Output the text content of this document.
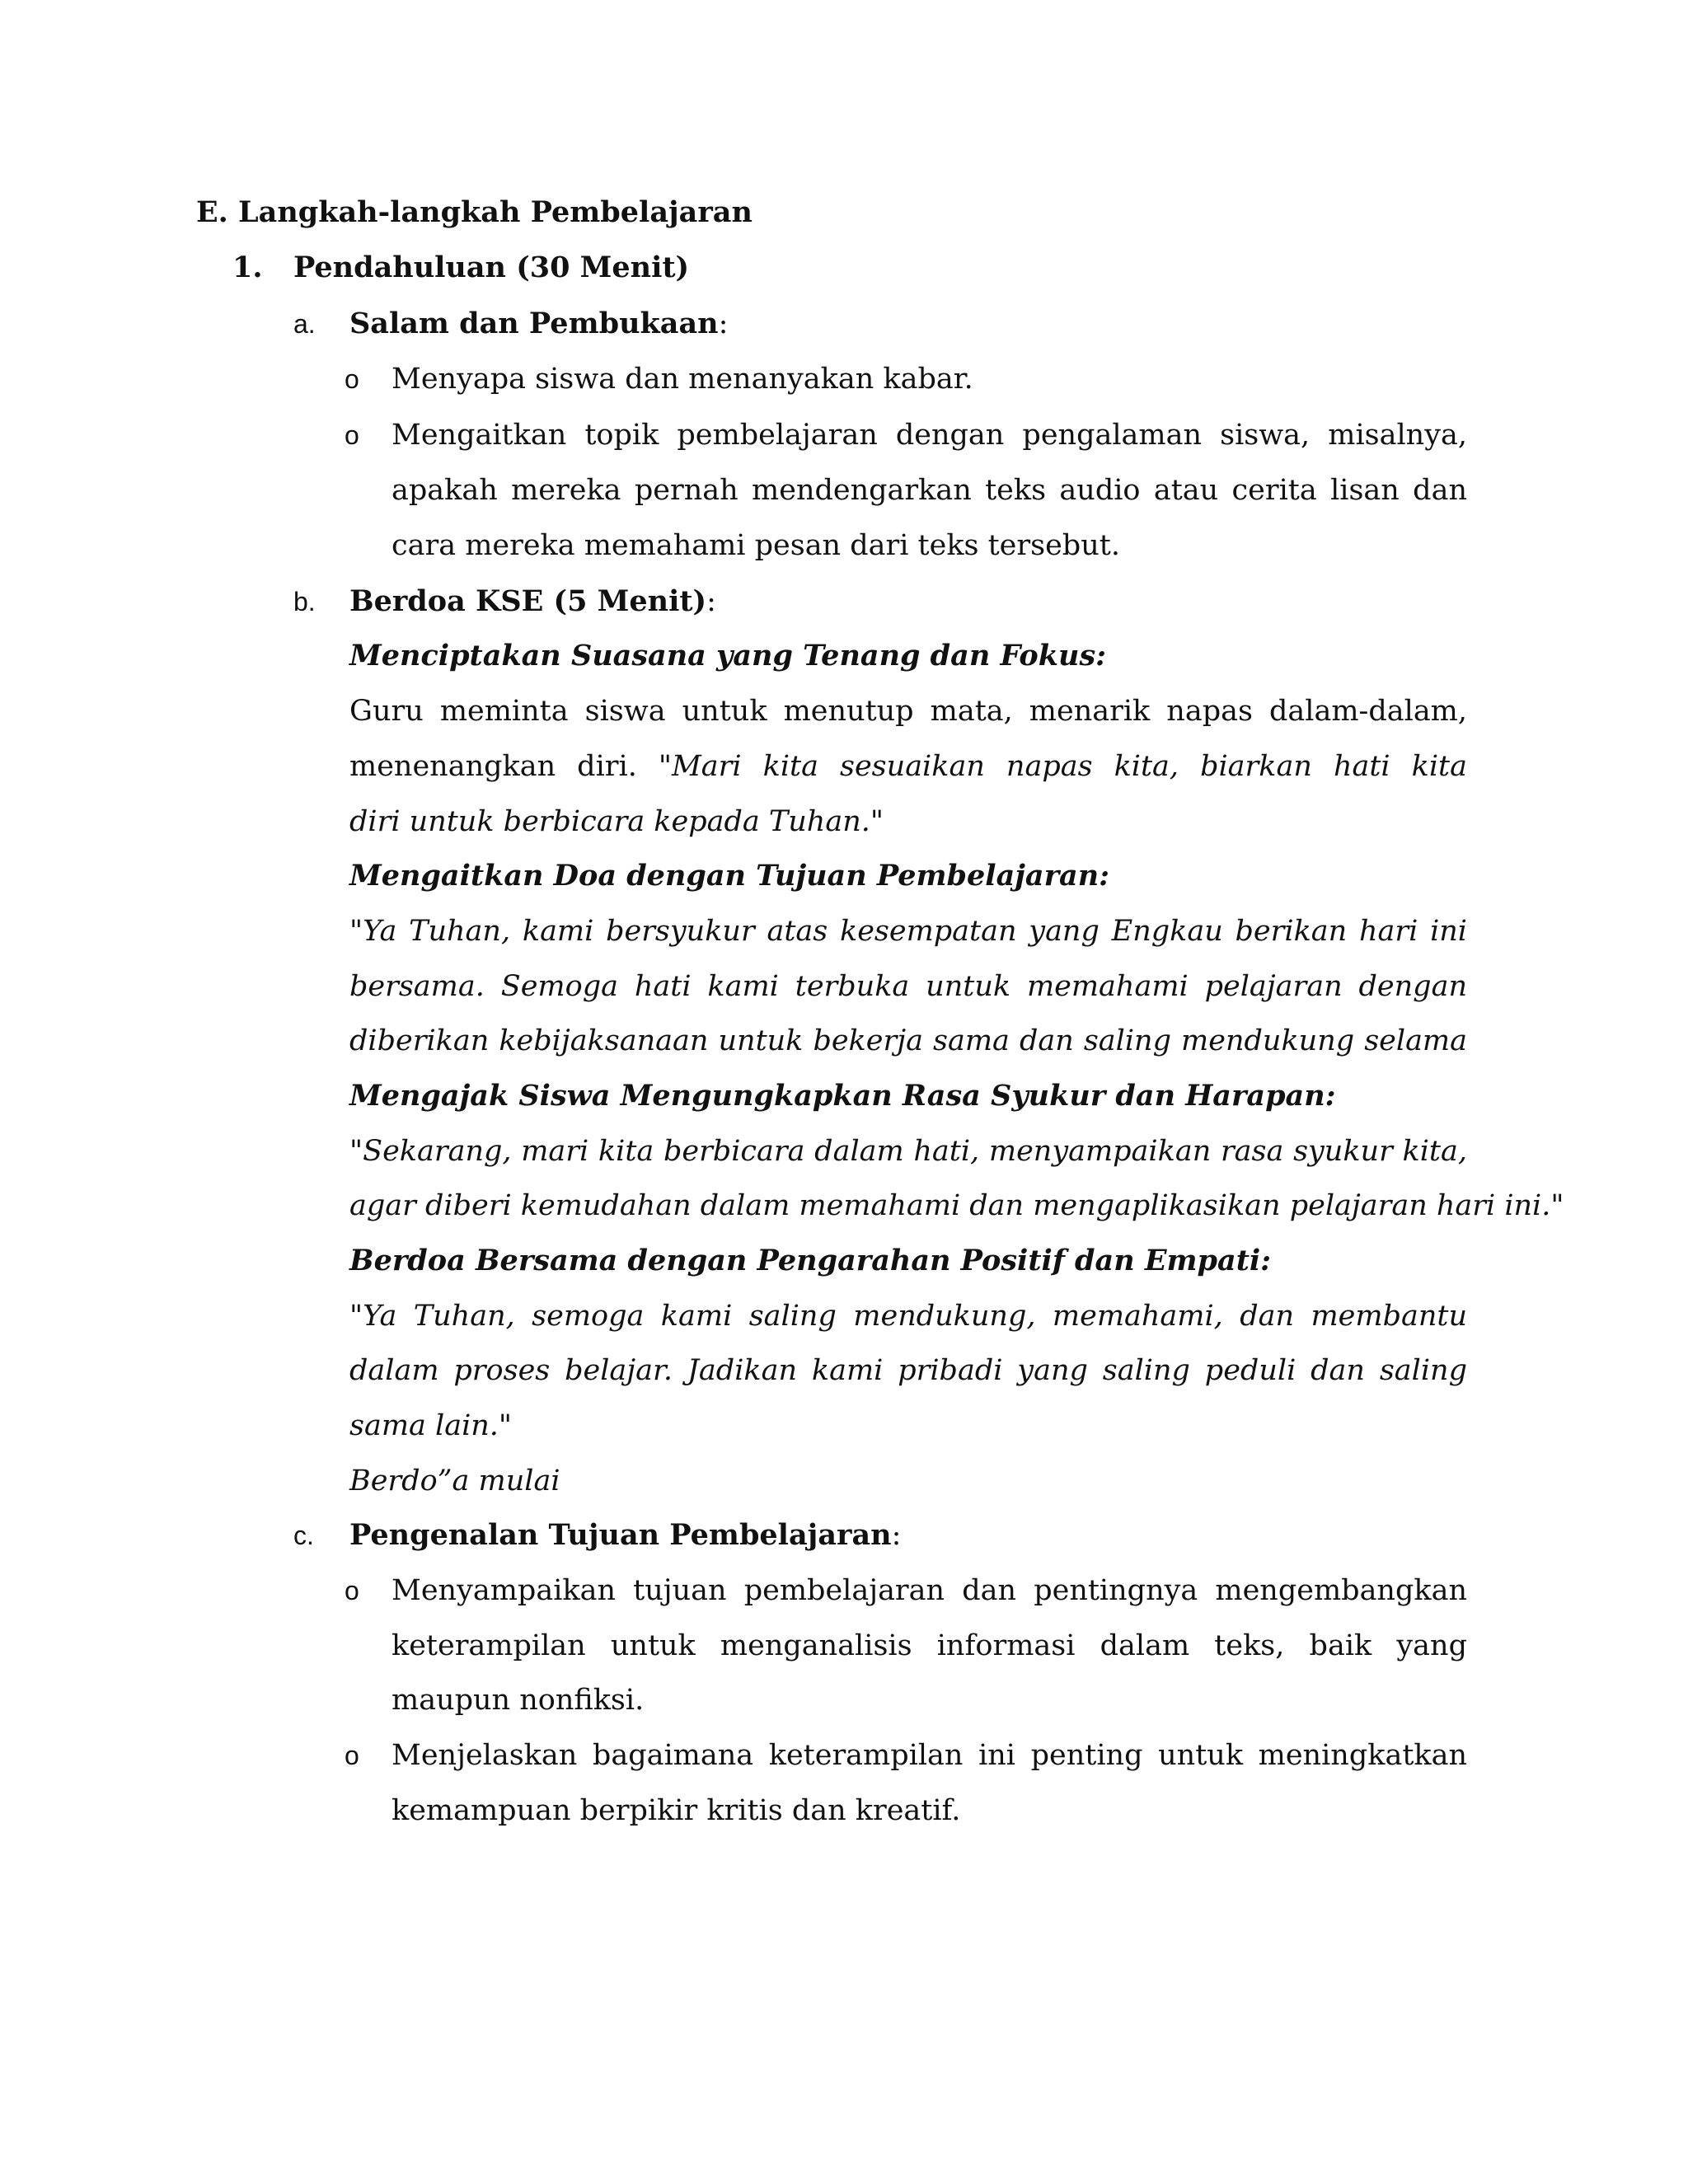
E. Langkah-langkah Pembelajaran
1. Pendahuluan (30 Menit)
a. Salam dan Pembukaan:
o Menyapa siswa dan menanyakan kabar.
o Mengaitkan topik pembelajaran dengan pengalaman siswa, misalnya,
apakah mereka pernah mendengarkan teks audio atau cerita lisan dan
cara mereka memahami pesan dari teks tersebut.
b. Berdoa KSE (5 Menit):
Menciptakan Suasana yang Tenang dan Fokus:
Guru meminta siswa untuk menutup mata, menarik napas dalam-dalam,
menenangkan diri. "Mari kita sesuaikan napas kita, biarkan hati kita
diri untuk berbicara kepada Tuhan."
Mengaitkan Doa dengan Tujuan Pembelajaran:
"Ya Tuhan, kami bersyukur atas kesempatan yang Engkau berikan hari ini
bersama. Semoga hati kami terbuka untuk memahami pelajaran dengan
diberikan kebijaksanaan untuk bekerja sama dan saling mendukung selama
Mengajak Siswa Mengungkapkan Rasa Syukur dan Harapan:
"Sekarang, mari kita berbicara dalam hati, menyampaikan rasa syukur kita,
agar diberi kemudahan dalam memahami dan mengaplikasikan pelajaran hari ini."
Berdoa Bersama dengan Pengarahan Positif dan Empati:
"Ya Tuhan, semoga kami saling mendukung, memahami, dan membantu
dalam proses belajar. Jadikan kami pribadi yang saling peduli dan saling
sama lain."
Berdo”a mulai
c. Pengenalan Tujuan Pembelajaran:
o Menyampaikan tujuan pembelajaran dan pentingnya mengembangkan
keterampilan untuk menganalisis informasi dalam teks, baik yang
maupun nonfiksi.
o Menjelaskan bagaimana keterampilan ini penting untuk meningkatkan
kemampuan berpikir kritis dan kreatif.
